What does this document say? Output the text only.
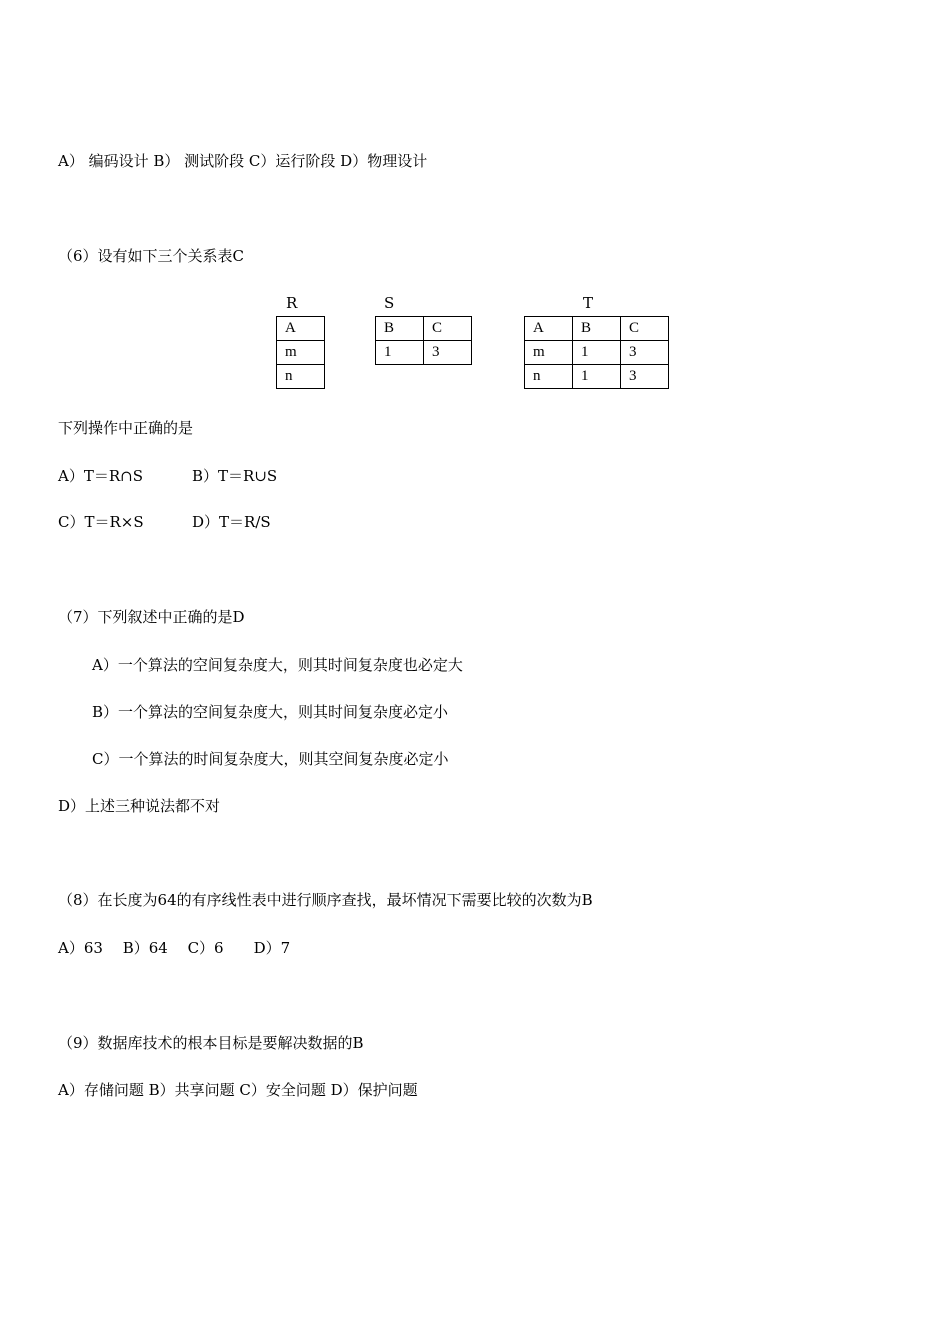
A） 编码设计 B） 测试阶段 C）运行阶段 D）物理设计
（6）设有如下三个关系表C
R
A
m
n
S
B	C
1	3
T
A	B	C
m	1	3
n	1	3
下列操作中正确的是
A）T＝R∩S	B）T＝R∪S
C）T＝R×S	D）T＝R/S
（7）下列叙述中正确的是D
A）一个算法的空间复杂度大，则其时间复杂度也必定大
B）一个算法的空间复杂度大，则其时间复杂度必定小
C）一个算法的时间复杂度大，则其空间复杂度必定小
D）上述三种说法都不对
（8）在长度为64的有序线性表中进行顺序查找，最坏情况下需要比较的次数为B
A）63　 B）64　 C）6　　D）7
（9）数据库技术的根本目标是要解决数据的B
A）存储问题 B）共享问题 C）安全问题 D）保护问题
